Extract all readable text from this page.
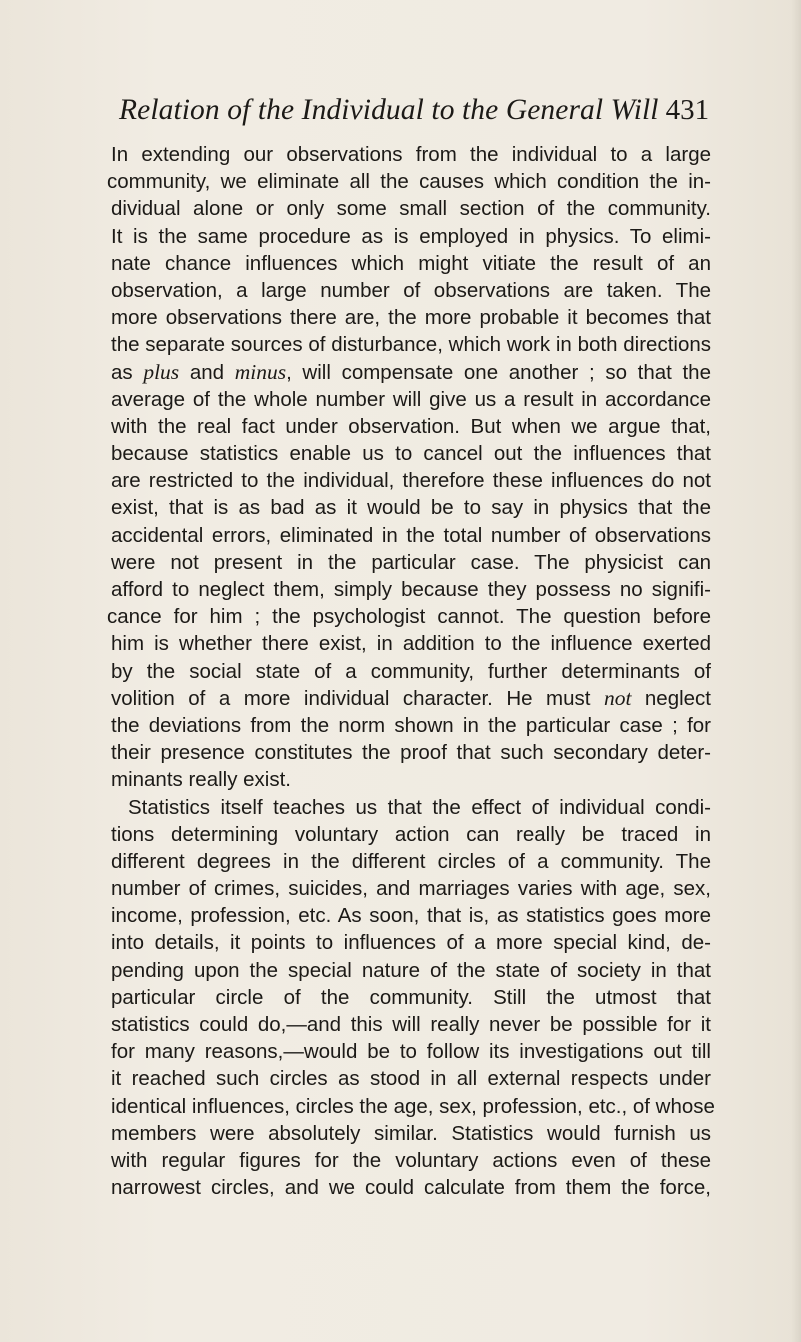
Relation of the Individual to the General Will 431
In extending our observations from the individual to a large
community, we eliminate all the causes which condition the in-
dividual alone or only some small section of the community.
It is the same procedure as is employed in physics. To elimi-
nate chance influences which might vitiate the result of an
observation, a large number of observations are taken. The
more observations there are, the more probable it becomes that
the separate sources of disturbance, which work in both directions
as plus and minus, will compensate one another ; so that the
average of the whole number will give us a result in accordance
with the real fact under observation. But when we argue that,
because statistics enable us to cancel out the influences that
are restricted to the individual, therefore these influences do not
exist, that is as bad as it would be to say in physics that the
accidental errors, eliminated in the total number of observations
were not present in the particular case. The physicist can
afford to neglect them, simply because they possess no signifi-
cance for him ; the psychologist cannot. The question before
him is whether there exist, in addition to the influence exerted
by the social state of a community, further determinants of
volition of a more individual character. He must not neglect
the deviations from the norm shown in the particular case ; for
their presence constitutes the proof that such secondary deter-
minants really exist.
Statistics itself teaches us that the effect of individual condi-
tions determining voluntary action can really be traced in
different degrees in the different circles of a community. The
number of crimes, suicides, and marriages varies with age, sex,
income, profession, etc. As soon, that is, as statistics goes more
into details, it points to influences of a more special kind, de-
pending upon the special nature of the state of society in that
particular circle of the community. Still the utmost that
statistics could do,—and this will really never be possible for it
for many reasons,—would be to follow its investigations out till
it reached such circles as stood in all external respects under
identical influences, circles the age, sex, profession, etc., of whose
members were absolutely similar. Statistics would furnish us
with regular figures for the voluntary actions even of these
narrowest circles, and we could calculate from them the force,
